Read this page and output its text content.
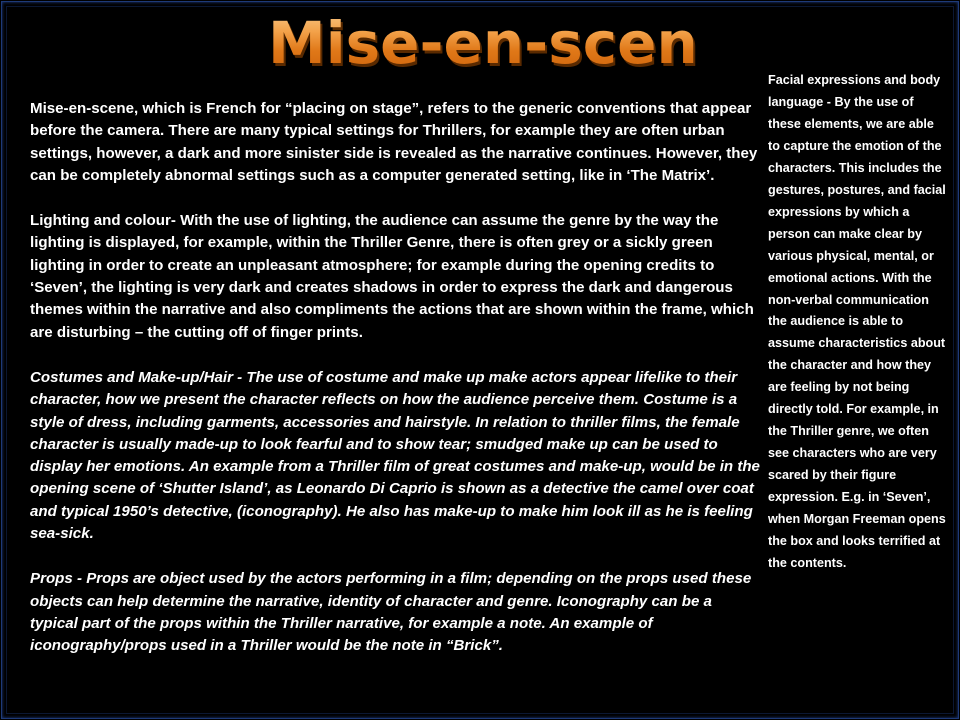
Mise-en-scene

Mise-en-scene, which is French for “placing on stage”, refers to the generic conventions that appear before the camera. There are many typical settings for Thrillers, for example they are often urban settings, however, a dark and more sinister side is revealed as the narrative continues. However, they can be completely abnormal settings such as a computer generated setting, like in ‘The Matrix’.

Lighting and colour- With the use of lighting, the audience can assume the genre by the way the lighting is displayed, for example, within the Thriller Genre, there is often grey or a sickly green lighting in order to create an unpleasant atmosphere; for example during the opening credits to ‘Seven’, the lighting is very dark and creates shadows in order to express the dark and dangerous themes within the narrative and also compliments the actions that are shown within the frame, which are disturbing – the cutting off of finger prints.

Costumes and Make-up/Hair - The use of costume and make up make actors appear lifelike to their character, how we present the character reflects on how the audience perceive them. Costume is a style of dress, including garments, accessories and hairstyle. In relation to thriller films, the female character is usually made-up to look fearful and to show tear; smudged make up can be used to display her emotions. An example from a Thriller film of great costumes and make-up, would be in the opening scene of ‘Shutter Island’, as Leonardo Di Caprio is shown as a detective the camel over coat and typical 1950’s detective, (iconography). He also has make-up to make him look ill as he is feeling sea-sick.

Props - Props are object used by the actors performing in a film; depending on the props used these objects can help determine the narrative, identity of character and genre. Iconography can be a typical part of the props within the Thriller narrative, for example a note. An example of iconography/props used in a Thriller would be the note in “Brick”.

Facial expressions and body language - By the use of these elements, we are able to capture the emotion of the characters. This includes the gestures, postures, and facial expressions by which a person can make clear by various physical, mental, or emotional actions. With the non-verbal communication the audience is able to assume characteristics about the character and how they are feeling by not being directly told. For example, in the Thriller genre, we often see characters who are very scared by their figure expression. E.g. in ‘Seven’, when Morgan Freeman opens the box and looks terrified at the contents.
